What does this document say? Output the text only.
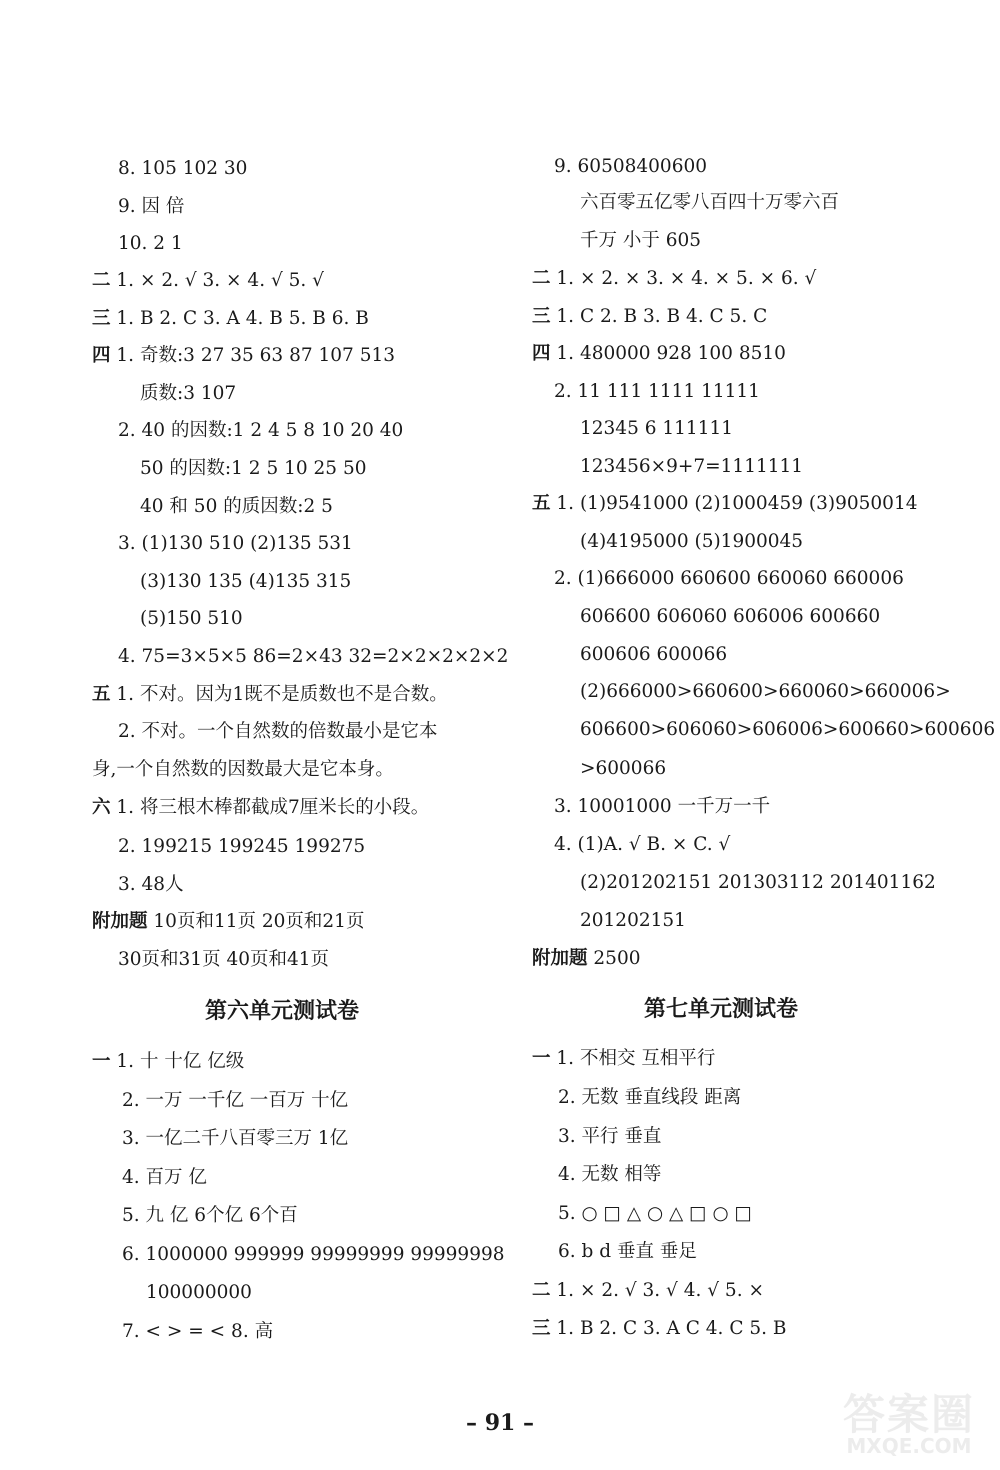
8. 105 102 30
9. 因 倍
10. 2 1
二 1. × 2. √ 3. × 4. √ 5. √
三 1. B 2. C 3. A 4. B 5. B 6. B
四 1. 奇数:3 27 35 63 87 107 513
质数:3 107
2. 40 的因数:1 2 4 5 8 10 20 40
50 的因数:1 2 5 10 25 50
40 和 50 的质因数:2 5
3. (1)130 510 (2)135 531
(3)130 135 (4)135 315
(5)150 510
4. 75=3×5×5 86=2×43 32=2×2×2×2×2
五 1. 不对。因为1既不是质数也不是合数。
2. 不对。一个自然数的倍数最小是它本
身,一个自然数的因数最大是它本身。
六 1. 将三根木棒都截成7厘米长的小段。
2. 199215 199245 199275
3. 48人
附加题 10页和11页 20页和21页
30页和31页 40页和41页
第六单元测试卷
一 1. 十 十亿 亿级
2. 一万 一千亿 一百万 十亿
3. 一亿二千八百零三万 1亿
4. 百万 亿
5. 九 亿 6个亿 6个百
6. 1000000 999999 99999999 99999998
100000000
7. < > = < 8. 高
9. 60508400600
六百零五亿零八百四十万零六百
千万 小于 605
二 1. × 2. × 3. × 4. × 5. × 6. √
三 1. C 2. B 3. B 4. C 5. C
四 1. 480000 928 100 8510
2. 11 111 1111 11111
12345 6 111111
123456×9+7=1111111
五 1. (1)9541000 (2)1000459 (3)9050014
(4)4195000 (5)1900045
2. (1)666000 660600 660060 660006
606600 606060 606006 600660
600606 600066
(2)666000>660600>660060>660006>
606600>606060>606006>600660>600606
>600066
3. 10001000 一千万一千
4. (1)A. √ B. × C. √
(2)201202151 201303112 201401162
201202151
附加题 2500
第七单元测试卷
一 1. 不相交 互相平行
2. 无数 垂直线段 距离
3. 平行 垂直
4. 无数 相等
5. ○ □ △ ○ △ □ ○ □
6. b d 垂直 垂足
二 1. × 2. √ 3. √ 4. √ 5. ×
三 1. B 2. C 3. A C 4. C 5. B
– 91 –	答案圈
MXQE.COM
